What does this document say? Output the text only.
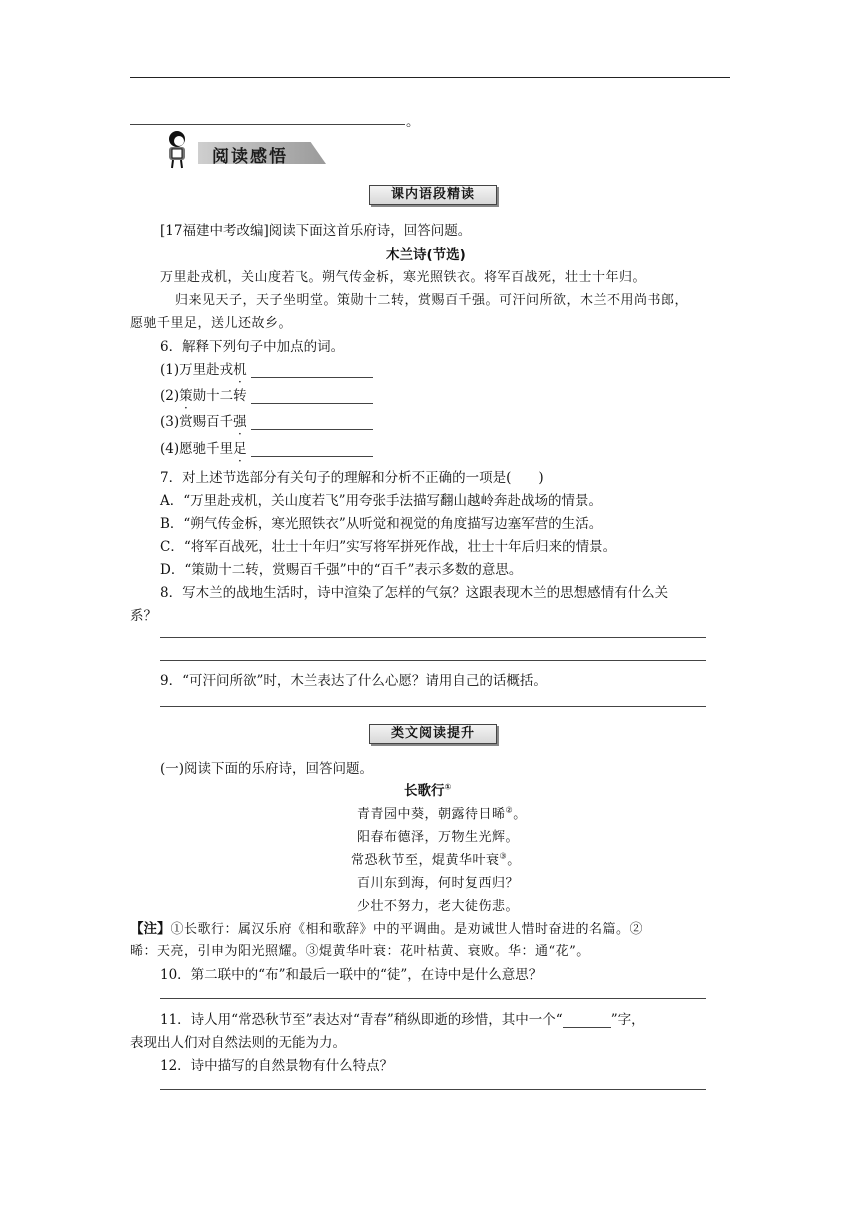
。
阅读感悟
课内语段精读
[17福建中考改编]阅读下面这首乐府诗，回答问题。
木兰诗(节选)
万里赴戎机，关山度若飞。朔气传金柝，寒光照铁衣。将军百战死，壮士十年归。
归来见天子，天子坐明堂。策勋十二转，赏赐百千强。可汗问所欲，木兰不用尚书郎，
愿驰千里足，送儿还故乡。
6．解释下列句子中加点的词。
(1)万里赴戎机
(2)策勋十二转
(3)赏赐百千强
(4)愿驰千里足
7．对上述节选部分有关句子的理解和分析不正确的一项是(　　)
A．“万里赴戎机，关山度若飞”用夸张手法描写翻山越岭奔赴战场的情景。
B．“朔气传金柝，寒光照铁衣”从听觉和视觉的角度描写边塞军营的生活。
C．“将军百战死，壮士十年归”实写将军拼死作战，壮士十年后归来的情景。
D．“策勋十二转，赏赐百千强”中的“百千”表示多数的意思。
8．写木兰的战地生活时，诗中渲染了怎样的气氛？这跟表现木兰的思想感情有什么关
系？
9．“可汗问所欲”时，木兰表达了什么心愿？请用自己的话概括。
类文阅读提升
(一)阅读下面的乐府诗，回答问题。
长歌行①
青青园中葵，朝露待日晞②。
阳春布德泽，万物生光辉。
常恐秋节至，焜黄华叶衰③。
百川东到海，何时复西归？
少壮不努力，老大徒伤悲。
【注】①长歌行：属汉乐府《相和歌辞》中的平调曲。是劝诫世人惜时奋进的名篇。②
晞：天亮，引申为阳光照耀。③焜黄华叶衰：花叶枯黄、衰败。华：通“花”。
10．第二联中的“布”和最后一联中的“徒”，在诗中是什么意思？
11．诗人用“常恐秋节至”表达对“青春”稍纵即逝的珍惜，其中一个“	”字，
表现出人们对自然法则的无能为力。
12．诗中描写的自然景物有什么特点？
